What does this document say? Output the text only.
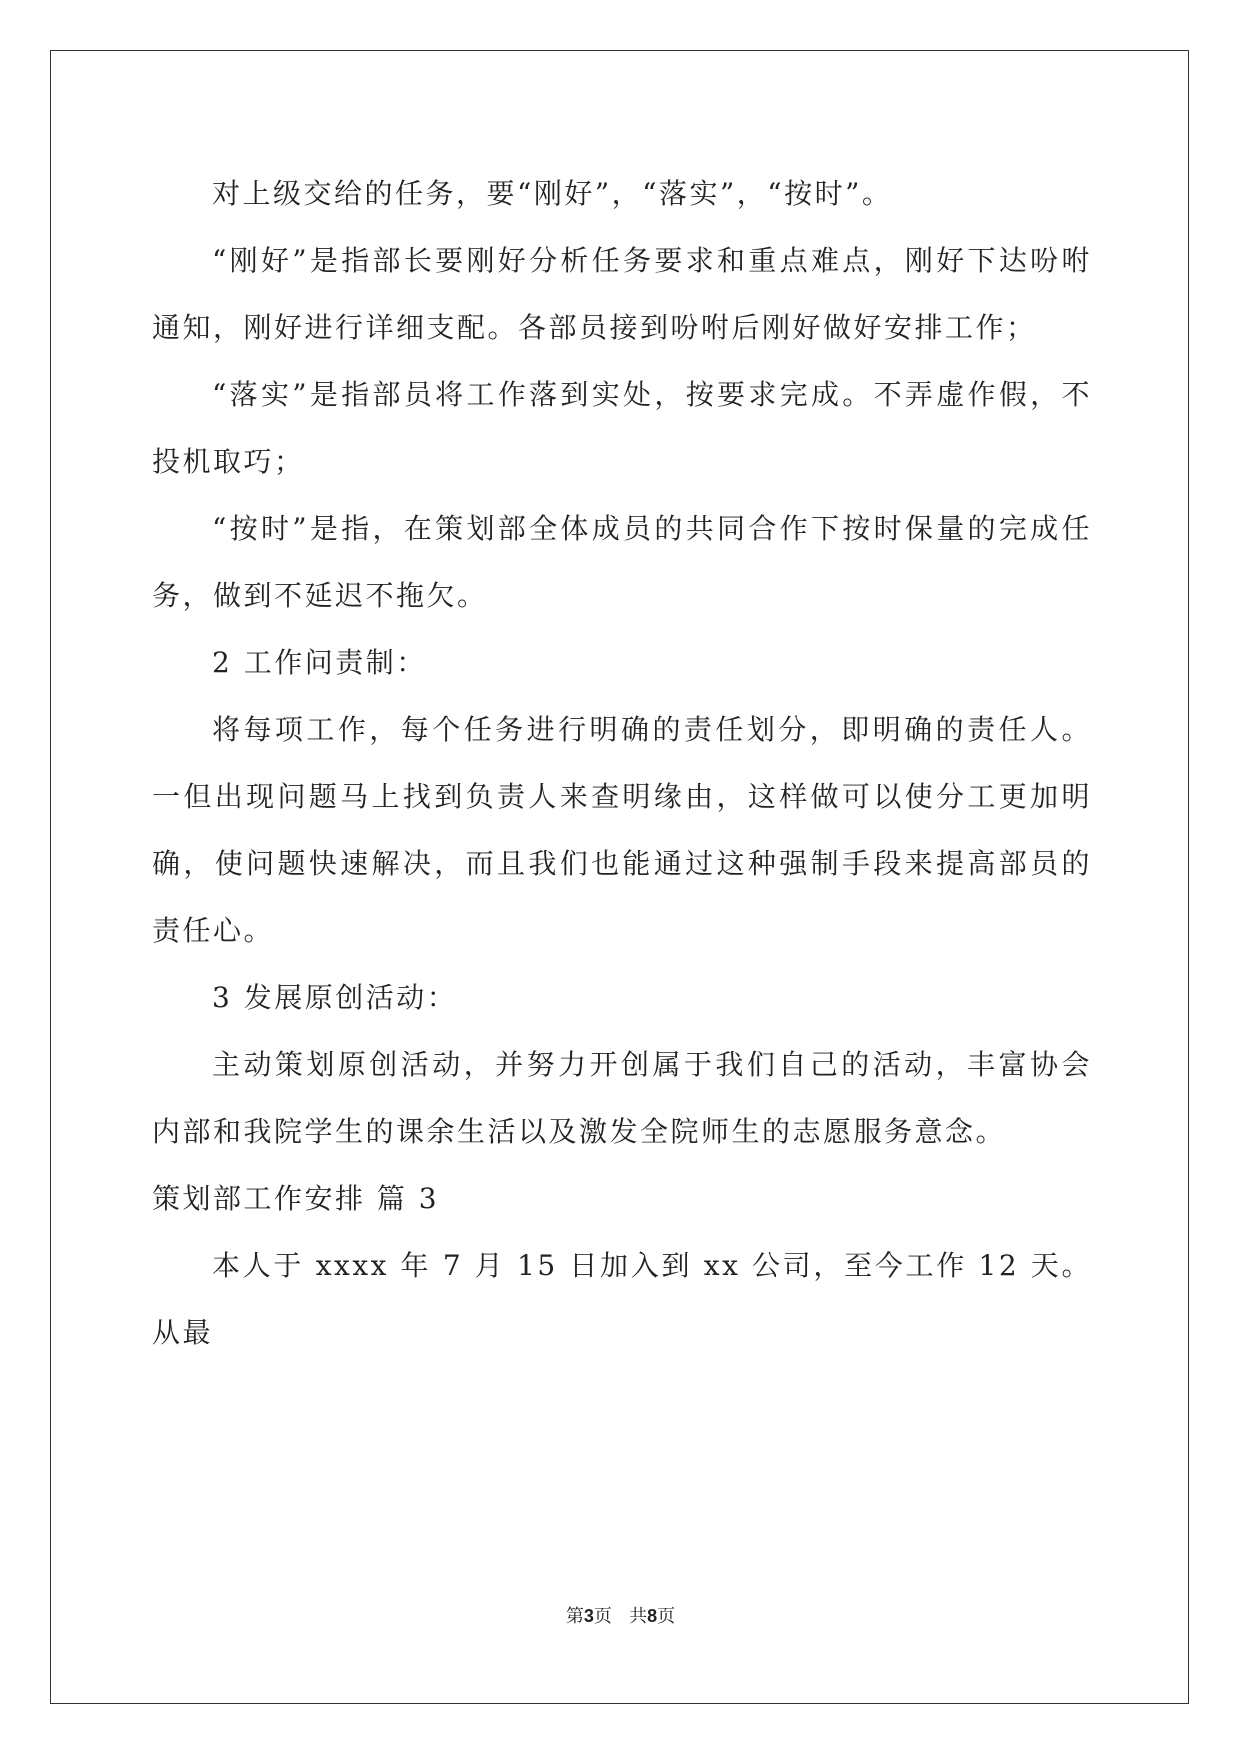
对上级交给的任务，要“刚好”，“落实”，“按时”。

“刚好”是指部长要刚好分析任务要求和重点难点，刚好下达吩咐通知，刚好进行详细支配。各部员接到吩咐后刚好做好安排工作；

“落实”是指部员将工作落到实处，按要求完成。不弄虚作假，不投机取巧；

“按时”是指，在策划部全体成员的共同合作下按时保量的完成任务，做到不延迟不拖欠。

2 工作问责制：

将每项工作，每个任务进行明确的责任划分，即明确的责任人。一但出现问题马上找到负责人来查明缘由，这样做可以使分工更加明确，使问题快速解决，而且我们也能通过这种强制手段来提高部员的责任心。

3 发展原创活动：

主动策划原创活动，并努力开创属于我们自己的活动，丰富协会内部和我院学生的课余生活以及激发全院师生的志愿服务意念。

策划部工作安排 篇 3

本人于 xxxx 年 7 月 15 日加入到 xx 公司，至今工作 12 天。从最

第3页 共8页
